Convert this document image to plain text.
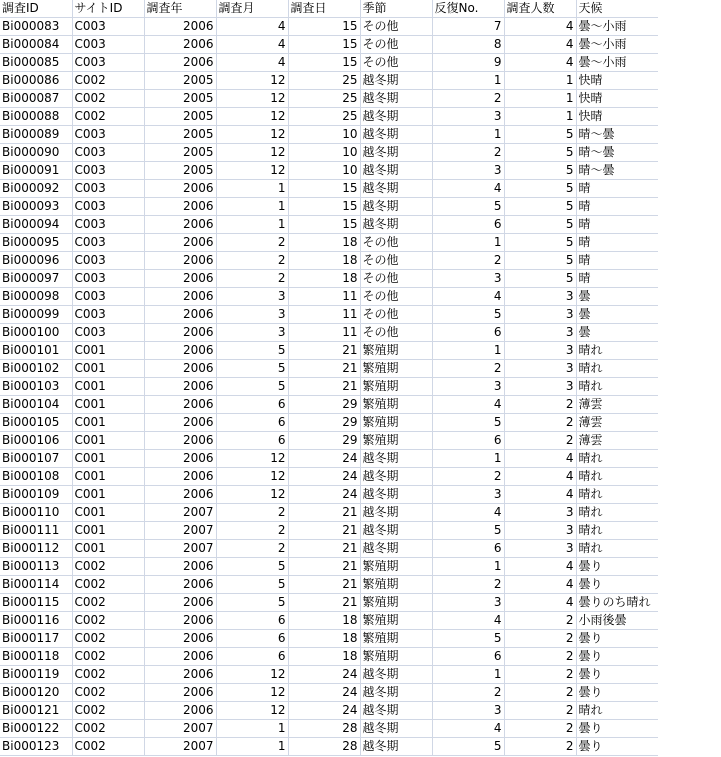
調査ID	サイトID	調査年	調査月	調査日	季節	反復No.	調査人数	天候
Bi000083	C003	2006	4	15	その他	7	4	曇～小雨
Bi000084	C003	2006	4	15	その他	8	4	曇～小雨
Bi000085	C003	2006	4	15	その他	9	4	曇～小雨
Bi000086	C002	2005	12	25	越冬期	1	1	快晴
Bi000087	C002	2005	12	25	越冬期	2	1	快晴
Bi000088	C002	2005	12	25	越冬期	3	1	快晴
Bi000089	C003	2005	12	10	越冬期	1	5	晴～曇
Bi000090	C003	2005	12	10	越冬期	2	5	晴～曇
Bi000091	C003	2005	12	10	越冬期	3	5	晴～曇
Bi000092	C003	2006	1	15	越冬期	4	5	晴
Bi000093	C003	2006	1	15	越冬期	5	5	晴
Bi000094	C003	2006	1	15	越冬期	6	5	晴
Bi000095	C003	2006	2	18	その他	1	5	晴
Bi000096	C003	2006	2	18	その他	2	5	晴
Bi000097	C003	2006	2	18	その他	3	5	晴
Bi000098	C003	2006	3	11	その他	4	3	曇
Bi000099	C003	2006	3	11	その他	5	3	曇
Bi000100	C003	2006	3	11	その他	6	3	曇
Bi000101	C001	2006	5	21	繁殖期	1	3	晴れ
Bi000102	C001	2006	5	21	繁殖期	2	3	晴れ
Bi000103	C001	2006	5	21	繁殖期	3	3	晴れ
Bi000104	C001	2006	6	29	繁殖期	4	2	薄雲
Bi000105	C001	2006	6	29	繁殖期	5	2	薄雲
Bi000106	C001	2006	6	29	繁殖期	6	2	薄雲
Bi000107	C001	2006	12	24	越冬期	1	4	晴れ
Bi000108	C001	2006	12	24	越冬期	2	4	晴れ
Bi000109	C001	2006	12	24	越冬期	3	4	晴れ
Bi000110	C001	2007	2	21	越冬期	4	3	晴れ
Bi000111	C001	2007	2	21	越冬期	5	3	晴れ
Bi000112	C001	2007	2	21	越冬期	6	3	晴れ
Bi000113	C002	2006	5	21	繁殖期	1	4	曇り
Bi000114	C002	2006	5	21	繁殖期	2	4	曇り
Bi000115	C002	2006	5	21	繁殖期	3	4	曇りのち晴れ
Bi000116	C002	2006	6	18	繁殖期	4	2	小雨後曇
Bi000117	C002	2006	6	18	繁殖期	5	2	曇り
Bi000118	C002	2006	6	18	繁殖期	6	2	曇り
Bi000119	C002	2006	12	24	越冬期	1	2	曇り
Bi000120	C002	2006	12	24	越冬期	2	2	曇り
Bi000121	C002	2006	12	24	越冬期	3	2	晴れ
Bi000122	C002	2007	1	28	越冬期	4	2	曇り
Bi000123	C002	2007	1	28	越冬期	5	2	曇り
